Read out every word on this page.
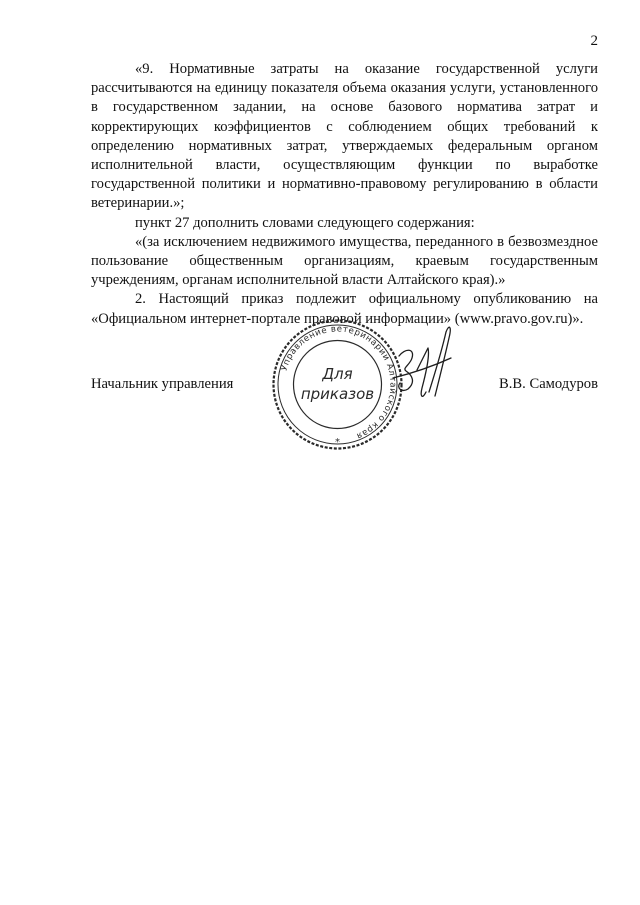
2

«9. Нормативные затраты на оказание государственной услуги рассчитываются на единицу показателя объема оказания услуги, установленного в государственном задании, на основе базового норматива затрат и корректирующих коэффициентов с соблюдением общих требований к определению нормативных затрат, утверждаемых федеральным органом исполнительной власти, осуществляющим функции по выработке государственной политики и нормативно-правовому регулированию в области ветеринарии.»;

пункт 27 дополнить словами следующего содержания:

«(за исключением недвижимого имущества, переданного в безвозмездное пользование общественным организациям, краевым государственным учреждениям, органам исполнительной власти Алтайского края).»

2. Настоящий приказ подлежит официальному опубликованию на «Официальном интернет-портале правовой информации» (www.pravo.gov.ru)».

Начальник управления	В.В. Самодуров
Управление ветеринарии Алтайского края
Для
приказов
*
